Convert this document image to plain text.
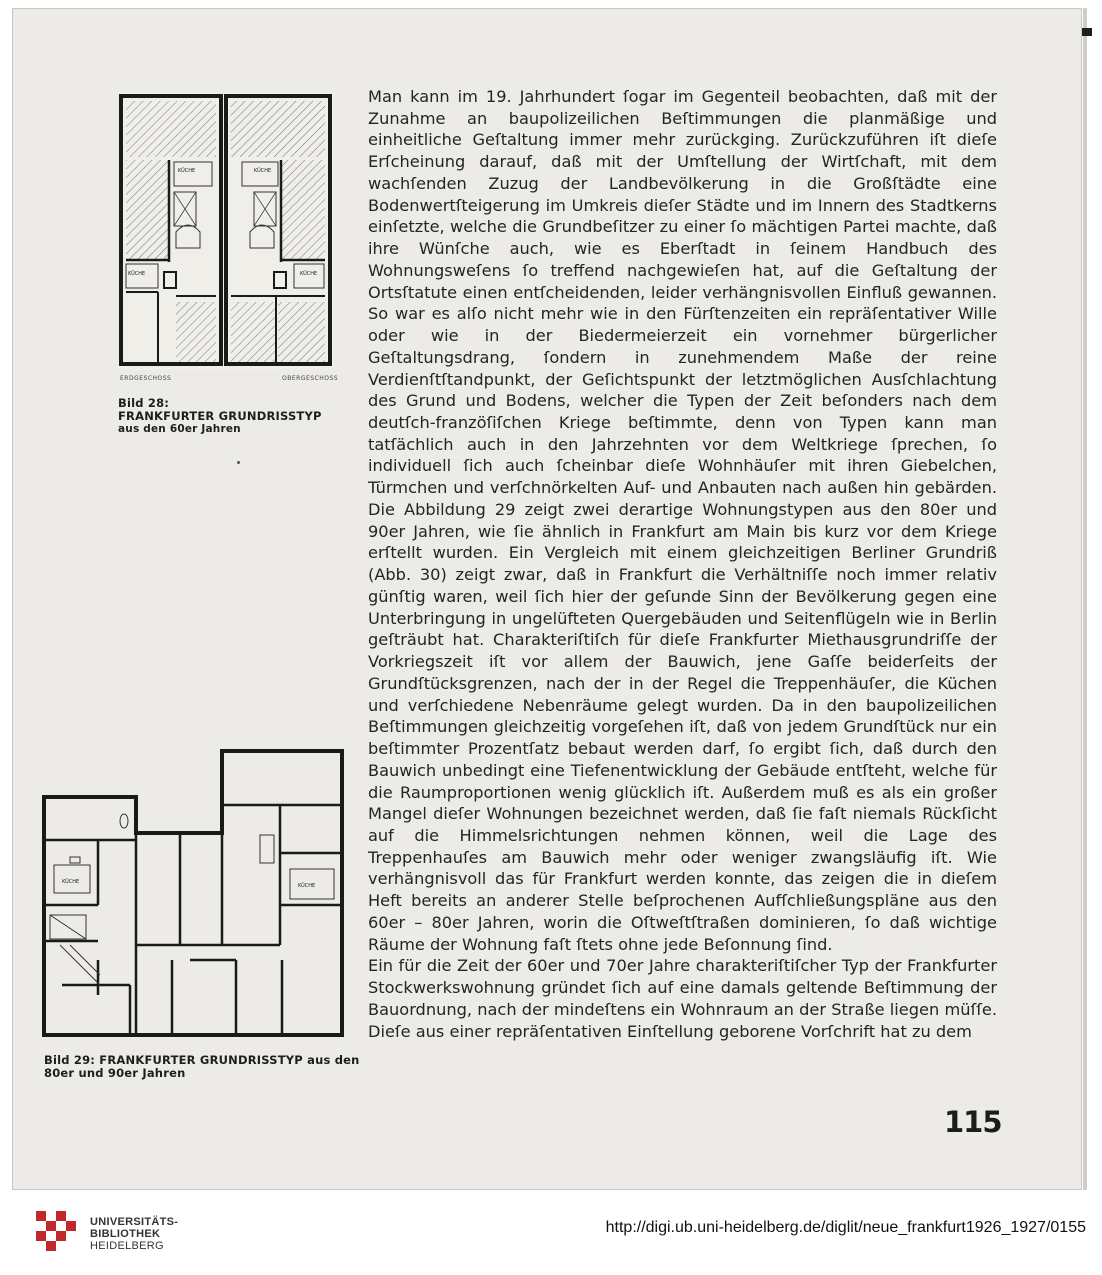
Man kann im 19. Jahrhundert ſogar im Gegenteil beobachten, daß mit der Zunahme an baupolizeilichen Beſtimmungen die planmäßige und einheitliche Geſtaltung immer mehr zurückging. Zurückzuführen iſt dieſe Erſcheinung darauf, daß mit der Umſtellung der Wirtſchaft, mit dem wachſenden Zuzug der Landbevölkerung in die Großſtädte eine Bodenwertſteigerung im Umkreis dieſer Städte und im Innern des Stadtkerns einſetzte, welche die Grundbeſitzer zu einer ſo mächtigen Partei machte, daß ihre Wünſche auch, wie es Eberſtadt in ſeinem Handbuch des Wohnungsweſens ſo treffend nachgewieſen hat, auf die Geſtaltung der Ortsſtatute einen entſcheidenden, leider verhängnisvollen Einfluß gewannen. So war es alſo nicht mehr wie in den Fürſtenzeiten ein repräſentativer Wille oder wie in der Biedermeierzeit ein vornehmer bürgerlicher Geſtaltungsdrang, ſondern in zunehmendem Maße der reine Verdienſtſtandpunkt, der Geſichtspunkt der letztmöglichen Ausſchlachtung des Grund und Bodens, welcher die Typen der Zeit beſonders nach dem deutſch-franzöſiſchen Kriege beſtimmte, denn von Typen kann man tatſächlich auch in den Jahrzehnten vor dem Weltkriege ſprechen, ſo individuell ſich auch ſcheinbar dieſe Wohnhäuſer mit ihren Giebelchen, Türmchen und verſchnörkelten Auf- und Anbauten nach außen hin gebärden. Die Abbildung 29 zeigt zwei derartige Wohnungstypen aus den 80er und 90er Jahren, wie ſie ähnlich in Frankfurt am Main bis kurz vor dem Kriege erſtellt wurden. Ein Vergleich mit einem gleichzeitigen Berliner Grundriß (Abb. 30) zeigt zwar, daß in Frankfurt die Verhältniſſe noch immer relativ günſtig waren, weil ſich hier der geſunde Sinn der Bevölkerung gegen eine Unterbringung in ungelüfteten Quergebäuden und Seitenflügeln wie in Berlin geſträubt hat. Charakteriſtiſch für dieſe Frankfurter Miethausgrundriſſe der Vorkriegszeit iſt vor allem der Bauwich, jene Gaſſe beiderſeits der Grundſtücksgrenzen, nach der in der Regel die Treppenhäuſer, die Küchen und verſchiedene Nebenräume gelegt wurden. Da in den baupolizeilichen Beſtimmungen gleichzeitig vorgeſehen iſt, daß von jedem Grundſtück nur ein beſtimmter Prozentſatz bebaut werden darf, ſo ergibt ſich, daß durch den Bauwich unbedingt eine Tiefenentwicklung der Gebäude entſteht, welche für die Raumproportionen wenig glücklich iſt. Außerdem muß es als ein großer Mangel dieſer Wohnungen bezeichnet werden, daß ſie faſt niemals Rückſicht auf die Himmelsrichtungen nehmen können, weil die Lage des Treppenhauſes am Bauwich mehr oder weniger zwangsläufig iſt. Wie verhängnisvoll das für Frankfurt werden konnte, das zeigen die in dieſem Heft bereits an anderer Stelle beſprochenen Aufſchließungspläne aus den 60er – 80er Jahren, worin die Oſtweſtſtraßen dominieren, ſo daß wichtige Räume der Wohnung faſt ſtets ohne jede Beſonnung ſind.
Ein für die Zeit der 60er und 70er Jahre charakteriſtiſcher Typ der Frankfurter Stockwerkswohnung gründet ſich auf eine damals geltende Beſtimmung der Bauordnung, nach der mindeſtens ein Wohnraum an der Straße liegen müſſe. Dieſe aus einer repräſentativen Einſtellung geborene Vorſchrift hat zu dem
KÜCHE
KÜCHE
KÜCHE
KÜCHE
ERDGESCHOSS	OBERGESCHOSS
Bild 28:
FRANKFURTER GRUNDRISSTYP
aus den 60er Jahren
KÜCHE
KÜCHE
Bild 29: FRANKFURTER GRUNDRISSTYP aus den
80er und 90er Jahren
115
UNIVERSITÄTS-
BIBLIOTHEK
HEIDELBERG
http://digi.ub.uni-heidelberg.de/diglit/neue_frankfurt1926_1927/0155
